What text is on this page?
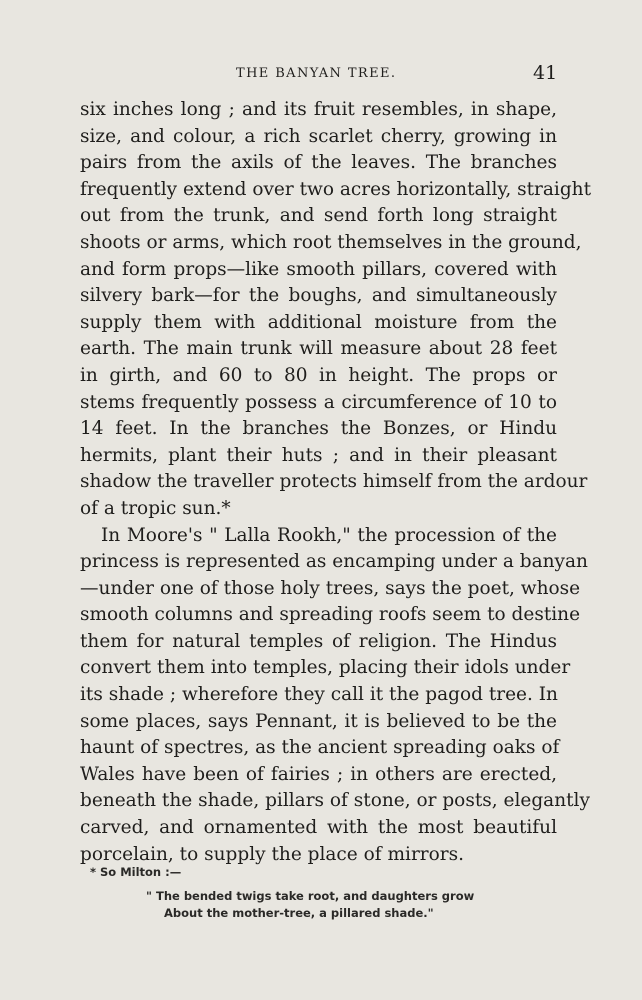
THE BANYAN TREE.	41
six inches long ; and its fruit resembles, in shape,
size, and colour, a rich scarlet cherry, growing in
pairs from the axils of the leaves. The branches
frequently extend over two acres horizontally, straight
out from the trunk, and send forth long straight
shoots or arms, which root themselves in the ground,
and form props—like smooth pillars, covered with
silvery bark—for the boughs, and simultaneously
supply them with additional moisture from the
earth. The main trunk will measure about 28 feet
in girth, and 60 to 80 in height. The props or
stems frequently possess a circumference of 10 to
14 feet. In the branches the Bonzes, or Hindu
hermits, plant their huts ; and in their pleasant
shadow the traveller protects himself from the ardour
of a tropic sun.*
In Moore's " Lalla Rookh," the procession of the
princess is represented as encamping under a banyan
—under one of those holy trees, says the poet, whose
smooth columns and spreading roofs seem to destine
them for natural temples of religion. The Hindus
convert them into temples, placing their idols under
its shade ; wherefore they call it the pagod tree. In
some places, says Pennant, it is believed to be the
haunt of spectres, as the ancient spreading oaks of
Wales have been of fairies ; in others are erected,
beneath the shade, pillars of stone, or posts, elegantly
carved, and ornamented with the most beautiful
porcelain, to supply the place of mirrors.
* So Milton :—
" The bended twigs take root, and daughters grow
About the mother-tree, a pillared shade."
